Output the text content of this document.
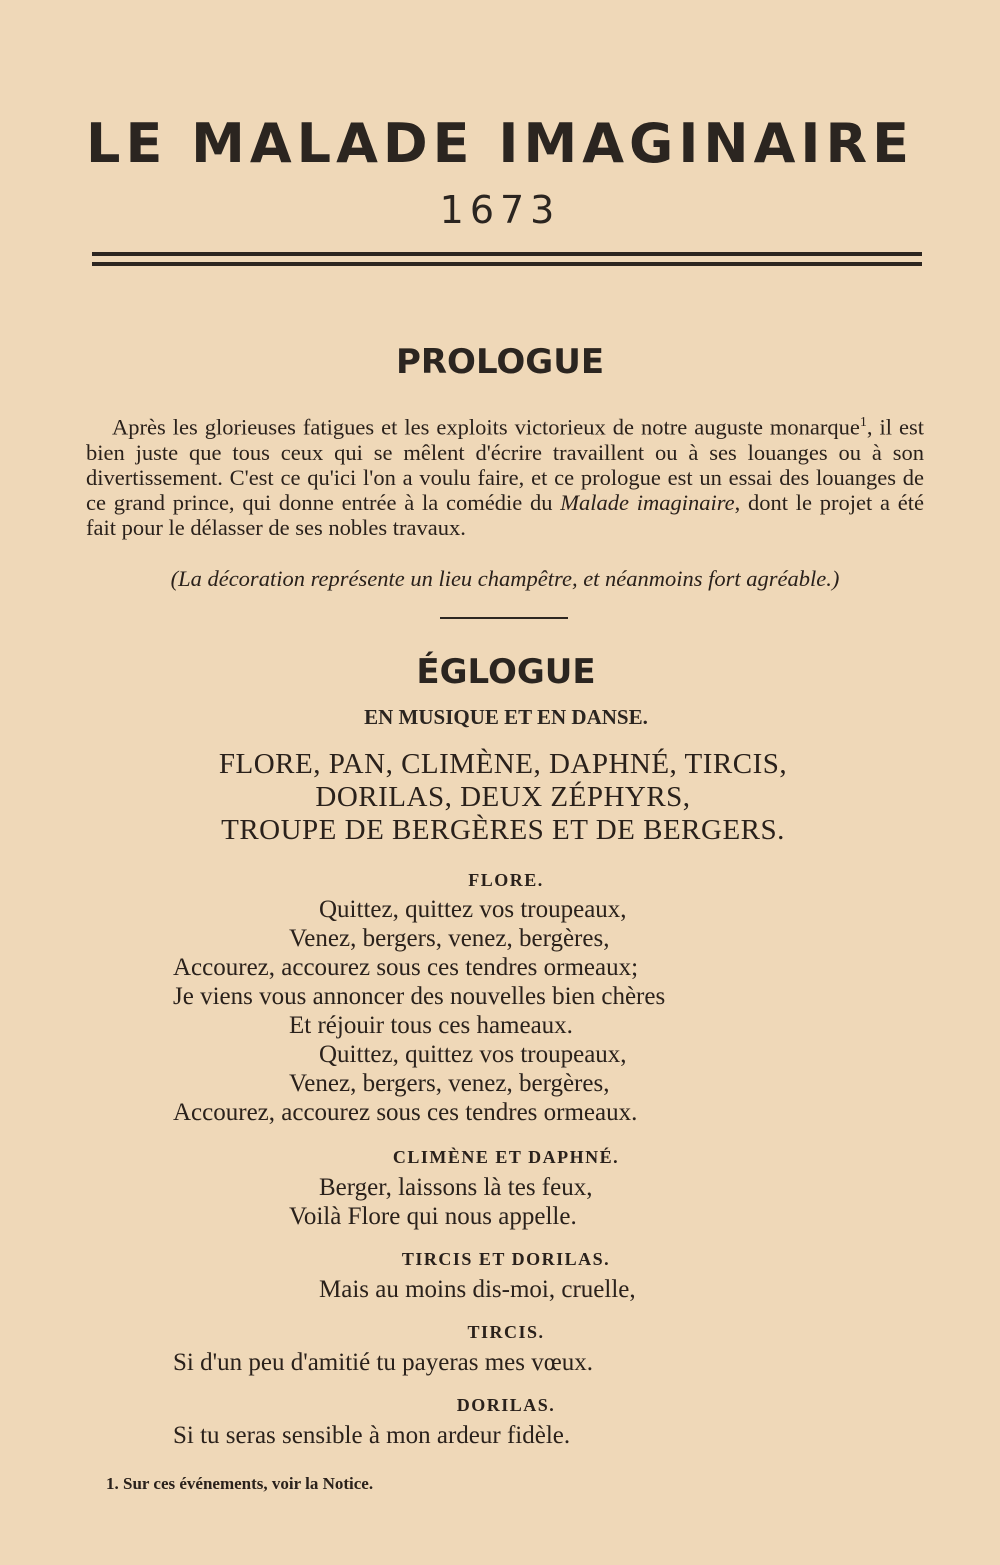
LE MALADE IMAGINAIRE
1673
PROLOGUE

Après les glorieuses fatigues et les exploits victorieux de notre auguste monarque$^1$, il est bien juste que tous ceux qui se mêlent d'écrire travaillent ou à ses louanges ou à son divertissement. C'est ce qu'ici l'on a voulu faire, et ce prologue est un essai des louanges de ce grand prince, qui donne entrée à la comédie du Malade imaginaire, dont le projet a été fait pour le délasser de ses nobles travaux.

(La décoration représente un lieu champêtre, et néanmoins fort agréable.)
ÉGLOGUE
EN MUSIQUE ET EN DANSE.
FLORE, PAN, CLIMÈNE, DAPHNÉ, TIRCIS,
DORILAS, DEUX ZÉPHYRS,
TROUPE DE BERGÈRES ET DE BERGERS.
FLORE.
Quittez, quittez vos troupeaux,
Venez, bergers, venez, bergères,
Accourez, accourez sous ces tendres ormeaux;
Je viens vous annoncer des nouvelles bien chères
Et réjouir tous ces hameaux.
Quittez, quittez vos troupeaux,
Venez, bergers, venez, bergères,
Accourez, accourez sous ces tendres ormeaux.
CLIMÈNE ET DAPHNÉ.
Berger, laissons là tes feux,
Voilà Flore qui nous appelle.
TIRCIS ET DORILAS.
Mais au moins dis-moi, cruelle,
TIRCIS.
Si d'un peu d'amitié tu payeras mes vœux.
DORILAS.
Si tu seras sensible à mon ardeur fidèle.
1. Sur ces événements, voir la Notice.
